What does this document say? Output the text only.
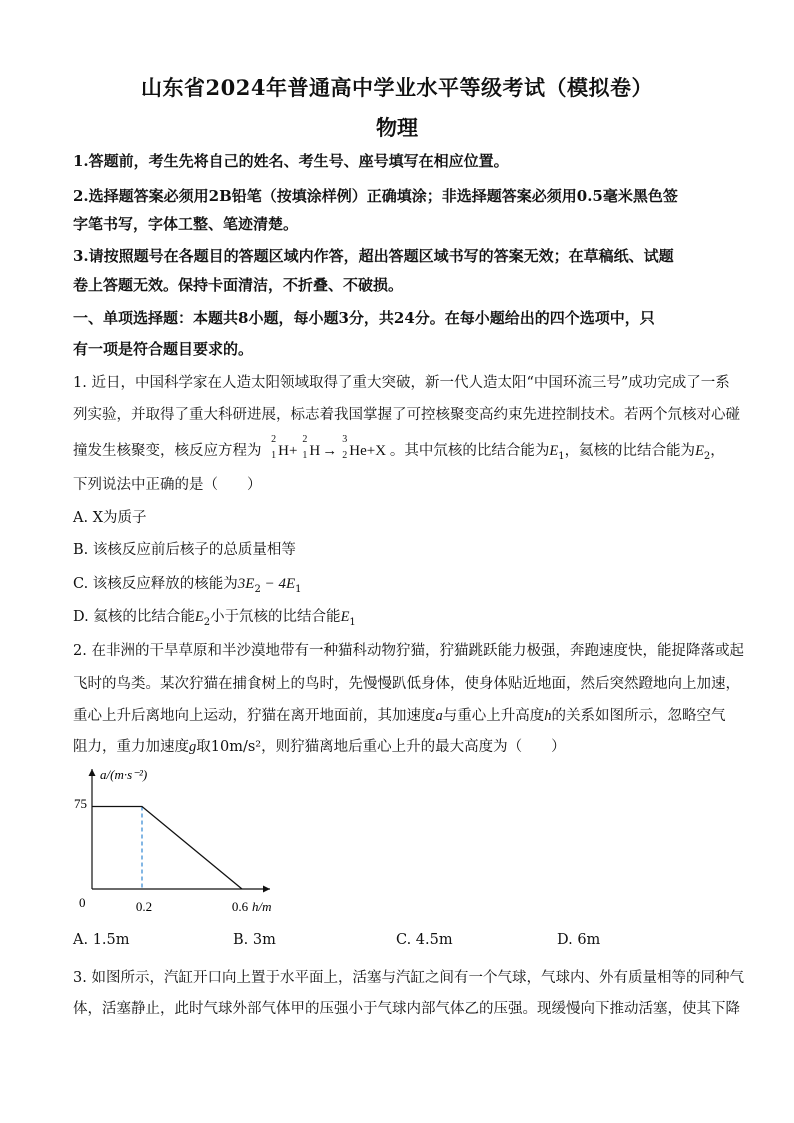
山东省2024年普通高中学业水平等级考试（模拟卷）
物理
1.答题前，考生先将自己的姓名、考生号、座号填写在相应位置。
2.选择题答案必须用2B铅笔（按填涂样例）正确填涂；非选择题答案必须用0.5毫米黑色签
字笔书写，字体工整、笔迹清楚。
3.请按照题号在各题目的答题区域内作答，超出答题区域书写的答案无效；在草稿纸、试题
卷上答题无效。保持卡面清洁，不折叠、不破损。
一、单项选择题：本题共8小题，每小题3分，共24分。在每小题给出的四个选项中，只
有一项是符合题目要求的。
1. 近日，中国科学家在人造太阳领域取得了重大突破，新一代人造太阳“中国环流三号”成功完成了一系
列实验，并取得了重大科研进展，标志着我国掌握了可控核聚变高约束先进控制技术。若两个氘核对心碰
撞发生核聚变，核反应方程为
2
1 H+
2
1 H →
3
2 He+X 。其中氘核的比结合能为$E_1$，氦核的比结合能为$E_2$，
下列说法中正确的是（　　）
A. X为质子
B. 该核反应前后核子的总质量相等
C. 该核反应释放的核能为$3E_2 - 4E_1$
D. 氦核的比结合能$E_2$小于氘核的比结合能$E_1$
2. 在非洲的干旱草原和半沙漠地带有一种猫科动物狞猫，狞猫跳跃能力极强，奔跑速度快，能捉降落或起
飞时的鸟类。某次狞猫在捕食树上的鸟时，先慢慢趴低身体，使身体贴近地面，然后突然蹬地向上加速，
重心上升后离地向上运动，狞猫在离开地面前，其加速度a与重心上升高度h的关系如图所示，忽略空气
阻力，重力加速度g取10m/s²，则狞猫离地后重心上升的最大高度为（　　）
a/(m·s⁻²)
75
0	0.2	0.6 h/m
A. 1.5m	B. 3m	C. 4.5m	D. 6m
3. 如图所示，汽缸开口向上置于水平面上，活塞与汽缸之间有一个气球，气球内、外有质量相等的同种气
体，活塞静止，此时气球外部气体甲的压强小于气球内部气体乙的压强。现缓慢向下推动活塞，使其下降
